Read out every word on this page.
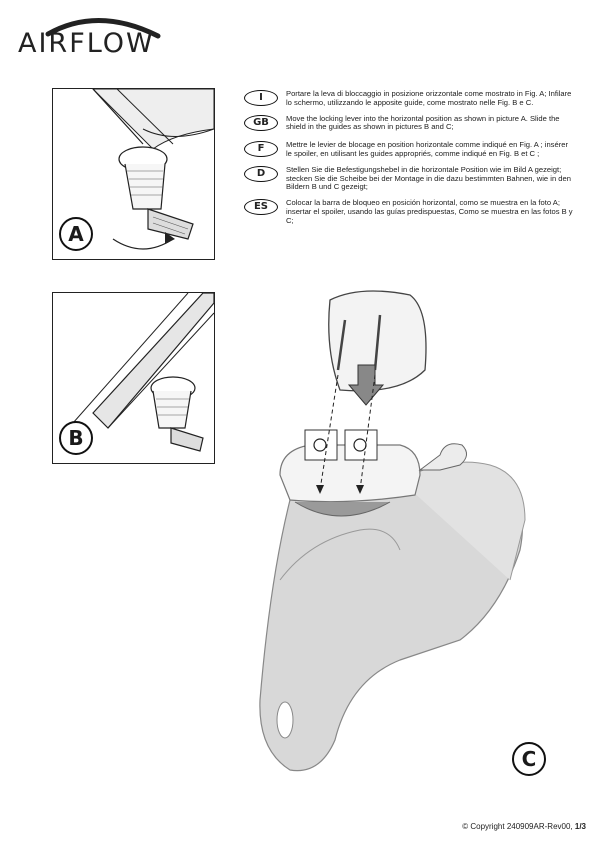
AIRFLOW
A
B
I	Portare la leva di bloccaggio in posizione orizzontale come mostrato in Fig. A; Infilare lo schermo, utilizzando le apposite guide, come mostrato nelle Fig. B e C.
GB	Move the locking lever into the horizontal position as shown in picture A. Slide the shield in the guides as shown in pictures B and C;
F	Mettre le levier de blocage en position horizontale comme indiqué en Fig. A ; insérer le spoiler, en utilisant les guides appropriés, comme indiqué en Fig. B et C ;
D	Stellen Sie die Befestigungshebel in die horizontale Position wie im Bild A gezeigt; stecken Sie die Scheibe bei der Montage in die dazu bestimmten Bahnen, wie in den Bildern B und C gezeigt;
ES	Colocar la barra de bloqueo en posición horizontal, como se muestra en la foto A; insertar el spoiler, usando las guías predispuestas, Como se muestra en las fotos B y C;
C
© Copyright 240909AR-Rev00, 1/3
